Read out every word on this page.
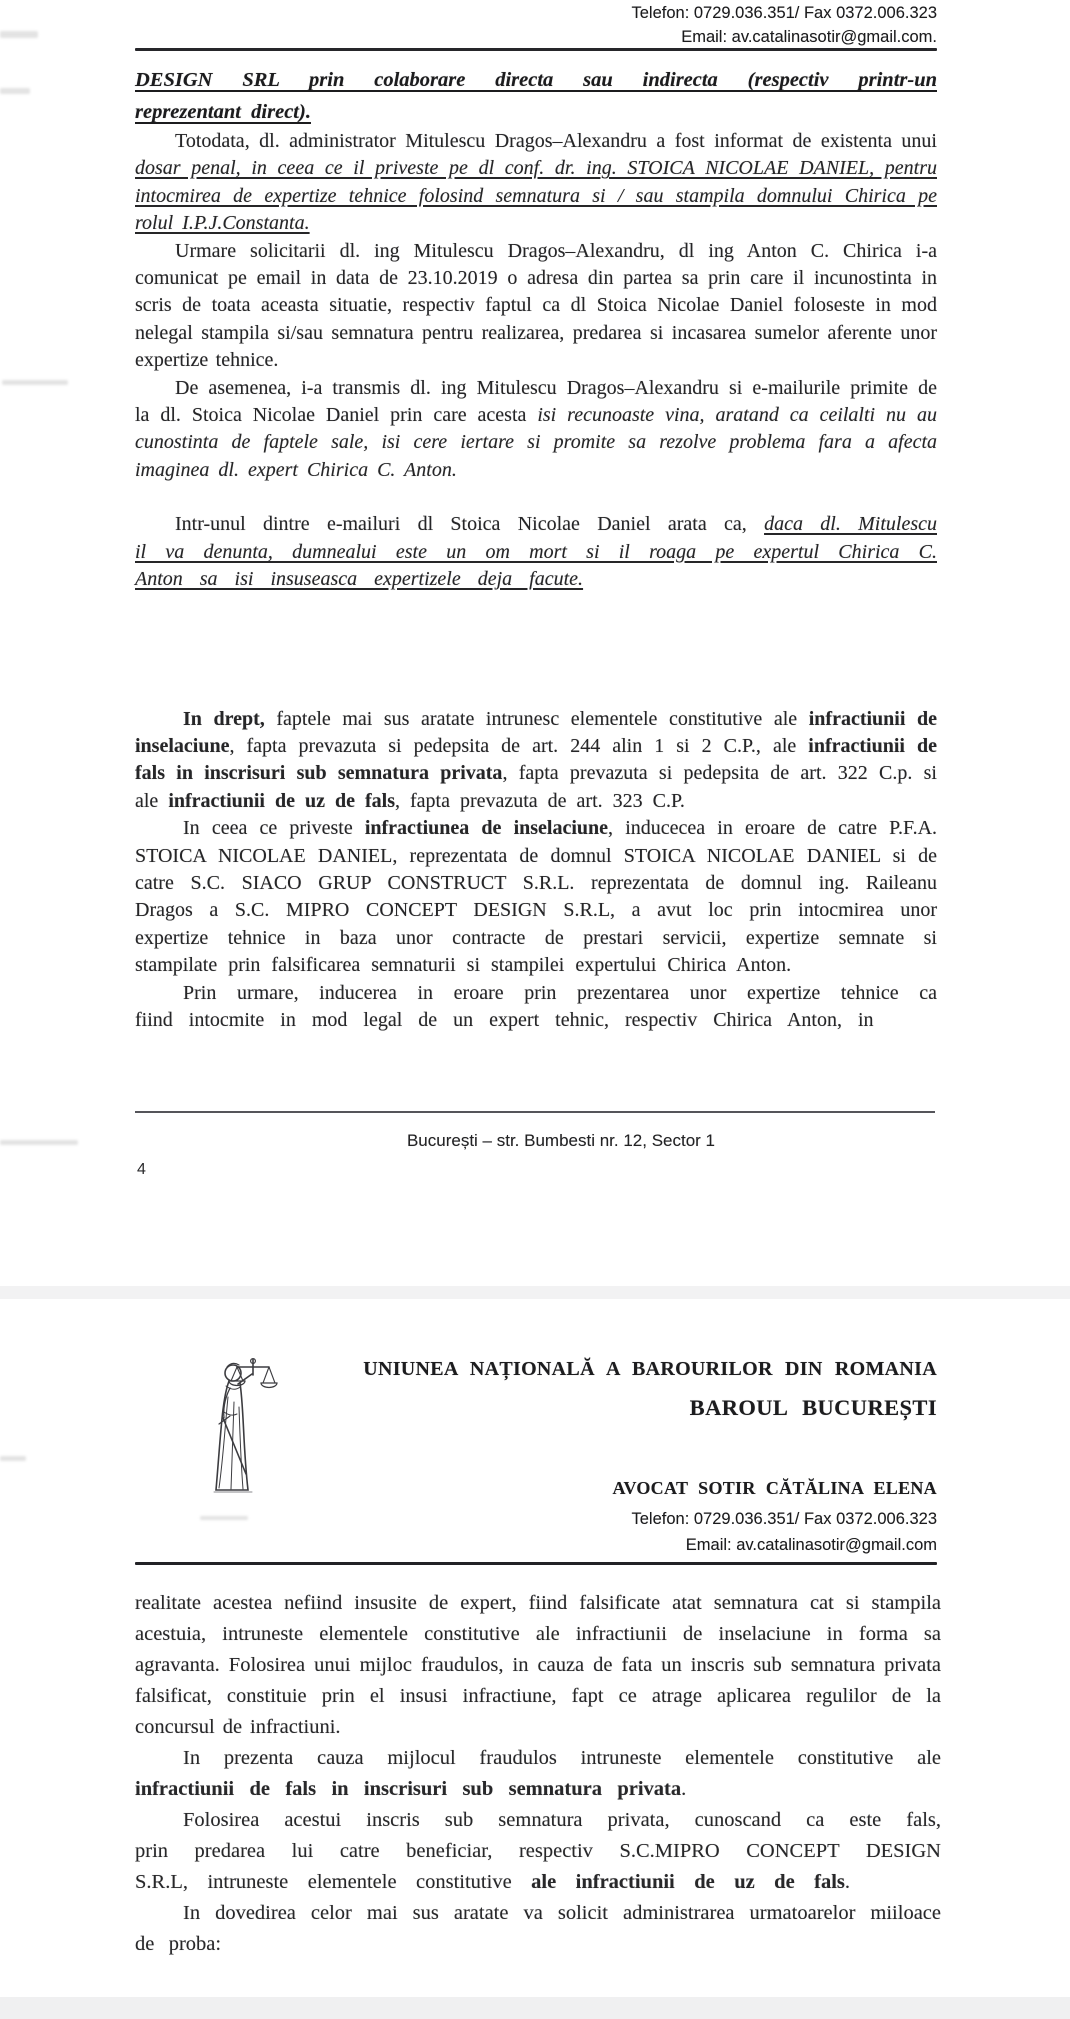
Telefon: 0729.036.351/ Fax 0372.006.323
Email: av.catalinasotir@gmail.com.
DESIGN SRL prin colaborare directa sau indirecta (respectiv printr-un
reprezentant direct).

Totodata, dl. administrator Mitulescu Dragos–Alexandru a fost informat de existenta unui dosar penal, in ceea ce il priveste pe dl conf. dr. ing. STOICA NICOLAE DANIEL, pentru intocmirea de expertize tehnice folosind semnatura si / sau stampila domnului Chirica pe rolul I.P.J.Constanta.

Urmare solicitarii dl. ing Mitulescu Dragos–Alexandru, dl ing Anton C. Chirica i-a comunicat pe email in data de 23.10.2019 o adresa din partea sa prin care il incunostinta in scris de toata aceasta situatie, respectiv faptul ca dl Stoica Nicolae Daniel foloseste in mod nelegal stampila si/sau semnatura pentru realizarea, predarea si incasarea sumelor aferente unor expertize tehnice.

De asemenea, i-a transmis dl. ing Mitulescu Dragos–Alexandru si e-mailurile primite de la dl. Stoica Nicolae Daniel prin care acesta isi recunoaste vina, aratand ca ceilalti nu au cunostinta de faptele sale, isi cere iertare si promite sa rezolve problema fara a afecta imaginea dl. expert Chirica C. Anton.

Intr-unul dintre e-mailuri dl Stoica Nicolae Daniel arata ca, daca dl. Mitulescu il va denunta, dumnealui este un om mort si il roaga pe expertul Chirica C. Anton sa isi insuseasca expertizele deja facute.

In drept, faptele mai sus aratate intrunesc elementele constitutive ale infractiunii de inselaciune, fapta prevazuta si pedepsita de art. 244 alin 1 si 2 C.P., ale infractiunii de fals in inscrisuri sub semnatura privata, fapta prevazuta si pedepsita de art. 322 C.p. si ale infractiunii de uz de fals, fapta prevazuta de art. 323 C.P.

In ceea ce priveste infractiunea de inselaciune, inducecea in eroare de catre P.F.A. STOICA NICOLAE DANIEL, reprezentata de domnul STOICA NICOLAE DANIEL si de catre S.C. SIACO GRUP CONSTRUCT S.R.L. reprezentata de domnul ing. Raileanu Dragos a S.C. MIPRO CONCEPT DESIGN S.R.L, a avut loc prin intocmirea unor expertize tehnice in baza unor contracte de prestari servicii, expertize semnate si stampilate prin falsificarea semnaturii si stampilei expertului Chirica Anton.

Prin urmare, inducerea in eroare prin prezentarea unor expertize tehnice ca fiind intocmite in mod legal de un expert tehnic, respectiv Chirica Anton, in

București – str. Bumbesti nr. 12, Sector 1
4
UNIUNEA NAȚIONALĂ A BAROURILOR DIN ROMANIA
BAROUL BUCUREȘTI
AVOCAT SOTIR CĂTĂLINA ELENA
Telefon: 0729.036.351/ Fax 0372.006.323
Email: av.catalinasotir@gmail.com

realitate acestea nefiind insusite de expert, fiind falsificate atat semnatura cat si stampila acestuia, intruneste elementele constitutive ale infractiunii de inselaciune in forma sa agravanta. Folosirea unui mijloc fraudulos, in cauza de fata un inscris sub semnatura privata falsificat, constituie prin el insusi infractiune, fapt ce atrage aplicarea regulilor de la concursul de infractiuni.

In prezenta cauza mijlocul fraudulos intruneste elementele constitutive ale infractiunii de fals in inscrisuri sub semnatura privata.

Folosirea acestui inscris sub semnatura privata, cunoscand ca este fals, prin predarea lui catre beneficiar, respectiv S.C.MIPRO CONCEPT DESIGN S.R.L, intruneste elementele constitutive ale infractiunii de uz de fals.

In dovedirea celor mai sus aratate va solicit administrarea urmatoarelor miiloace de proba:
